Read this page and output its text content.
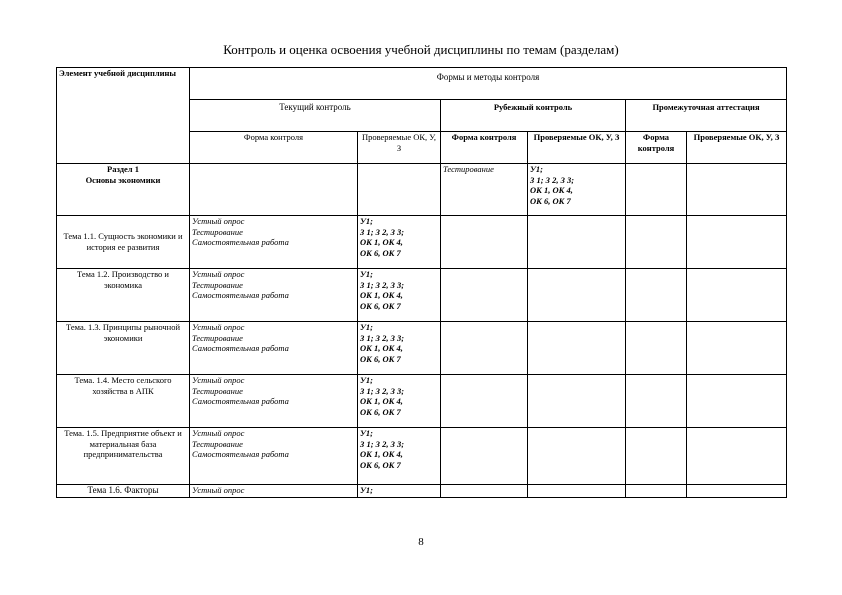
Контроль и оценка освоения учебной дисциплины по темам (разделам)
Элемент учебной дисциплины	Формы и методы контроля					
	Текущий контроль		Рубежный контроль		Промежуточная аттестация	
	Форма контроля	Проверяемые ОК, У, З	Форма контроля	Проверяемые ОК, У, З	Форма контроля	Проверяемые ОК, У, З
Раздел 1
Основы экономики			Тестирование	У1;
З 1; З 2, З 3;
ОК 1, ОК 4,
ОК 6, ОК 7		
Тема 1.1. Сущность экономики и история ее развития	Устный опрос
Тестирование
Самостоятельная работа	У1;
З 1; З 2, З 3;
ОК 1, ОК 4,
ОК 6, ОК 7				
Тема 1.2. Производство и экономика	Устный опрос
Тестирование
Самостоятельная работа	У1;
З 1; З 2, З 3;
ОК 1, ОК 4,
ОК 6, ОК 7				
Тема. 1.3. Принципы рыночной экономики	Устный опрос
Тестирование
Самостоятельная работа	У1;
З 1; З 2, З 3;
ОК 1, ОК 4,
ОК 6, ОК 7				
Тема. 1.4. Место сельского хозяйства в АПК	Устный опрос
Тестирование
Самостоятельная работа	У1;
З 1; З 2, З 3;
ОК 1, ОК 4,
ОК 6, ОК 7				
Тема. 1.5. Предприятие объект и материальная база предпринимательства	Устный опрос
Тестирование
Самостоятельная работа	У1;
З 1; З 2, З 3;
ОК 1, ОК 4,
ОК 6, ОК 7				
Тема 1.6. Факторы	Устный опрос	У1;				
8
